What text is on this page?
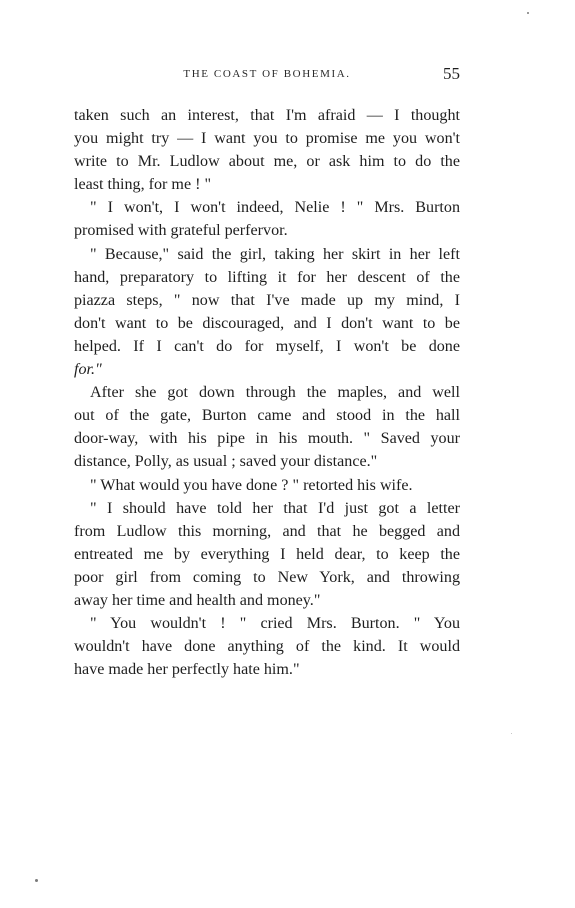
THE COAST OF BOHEMIA.	55
taken such an interest, that I'm afraid — I thought
you might try — I want you to promise me you won't
write to Mr. Ludlow about me, or ask him to do the
least thing, for me ! "
" I won't, I won't indeed, Nelie ! " Mrs. Burton
promised with grateful perfervor.
" Because," said the girl, taking her skirt in her left
hand, preparatory to lifting it for her descent of the
piazza steps, " now that I've made up my mind, I
don't want to be discouraged, and I don't want to be
helped. If I can't do for myself, I won't be done
for."
After she got down through the maples, and well
out of the gate, Burton came and stood in the hall
door-way, with his pipe in his mouth. " Saved your
distance, Polly, as usual ; saved your distance."
" What would you have done ? " retorted his wife.
" I should have told her that I'd just got a letter
from Ludlow this morning, and that he begged and
entreated me by everything I held dear, to keep the
poor girl from coming to New York, and throwing
away her time and health and money."
" You wouldn't ! " cried Mrs. Burton. " You
wouldn't have done anything of the kind. It would
have made her perfectly hate him."
